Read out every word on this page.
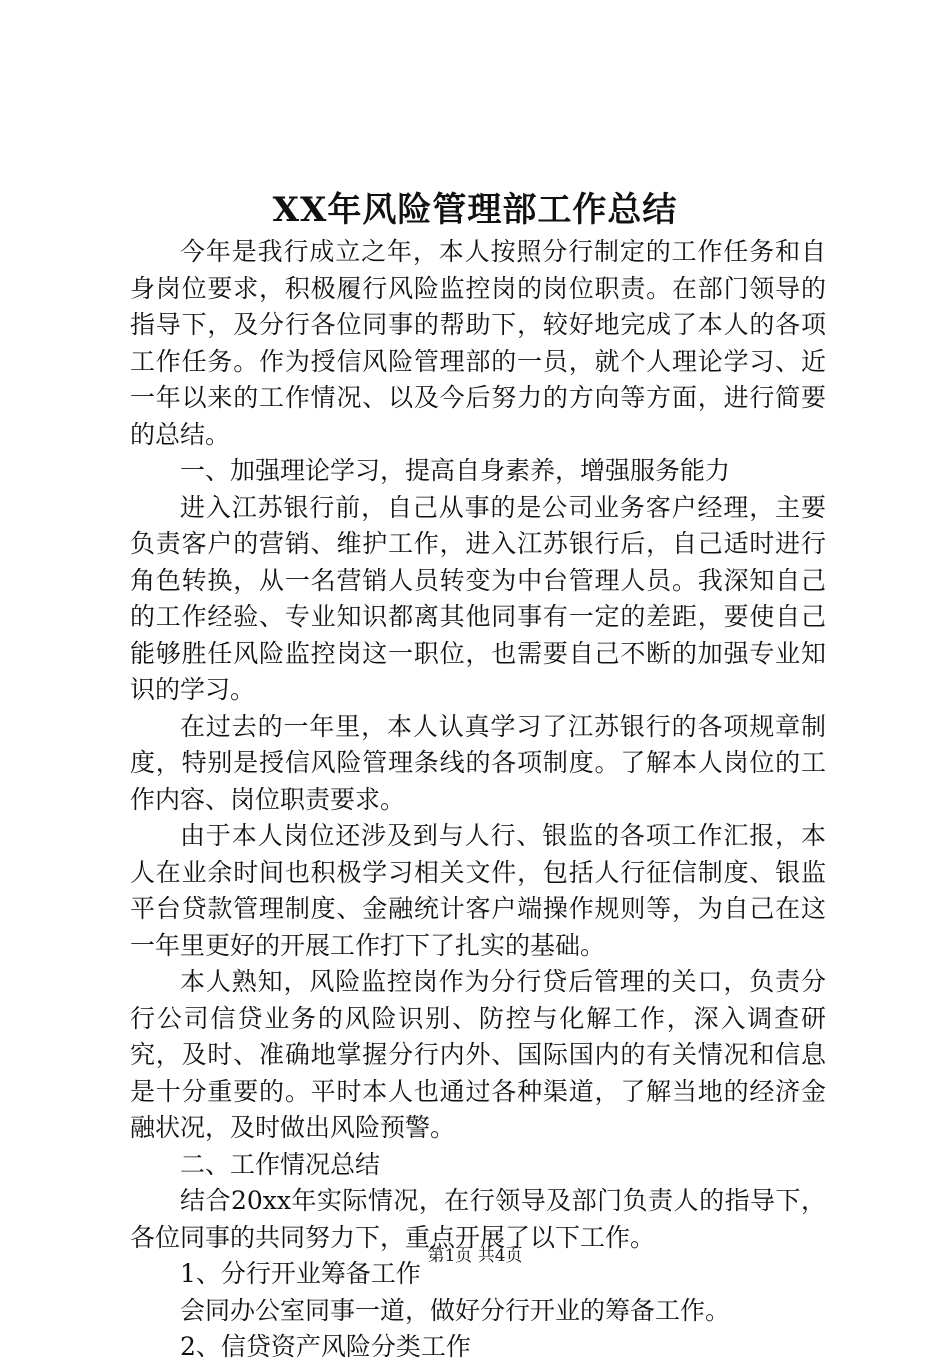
XX年风险管理部工作总结

今年是我行成立之年，本人按照分行制定的工作任务和自身岗位要求，积极履行风险监控岗的岗位职责。在部门领导的指导下，及分行各位同事的帮助下，较好地完成了本人的各项工作任务。作为授信风险管理部的一员，就个人理论学习、近一年以来的工作情况、以及今后努力的方向等方面，进行简要的总结。

一、加强理论学习，提高自身素养，增强服务能力

进入江苏银行前，自己从事的是公司业务客户经理，主要负责客户的营销、维护工作，进入江苏银行后，自己适时进行角色转换，从一名营销人员转变为中台管理人员。我深知自己的工作经验、专业知识都离其他同事有一定的差距，要使自己能够胜任风险监控岗这一职位，也需要自己不断的加强专业知识的学习。

在过去的一年里，本人认真学习了江苏银行的各项规章制度，特别是授信风险管理条线的各项制度。了解本人岗位的工作内容、岗位职责要求。

由于本人岗位还涉及到与人行、银监的各项工作汇报，本人在业余时间也积极学习相关文件，包括人行征信制度、银监平台贷款管理制度、金融统计客户端操作规则等，为自己在这一年里更好的开展工作打下了扎实的基础。

本人熟知，风险监控岗作为分行贷后管理的关口，负责分行公司信贷业务的风险识别、防控与化解工作，深入调查研究，及时、准确地掌握分行内外、国际国内的有关情况和信息是十分重要的。平时本人也通过各种渠道，了解当地的经济金融状况，及时做出风险预警。

二、工作情况总结

结合20xx年实际情况，在行领导及部门负责人的指导下，各位同事的共同努力下，重点开展了以下工作。

1、分行开业筹备工作

会同办公室同事一道，做好分行开业的筹备工作。

2、信贷资产风险分类工作

第1页 共4页
